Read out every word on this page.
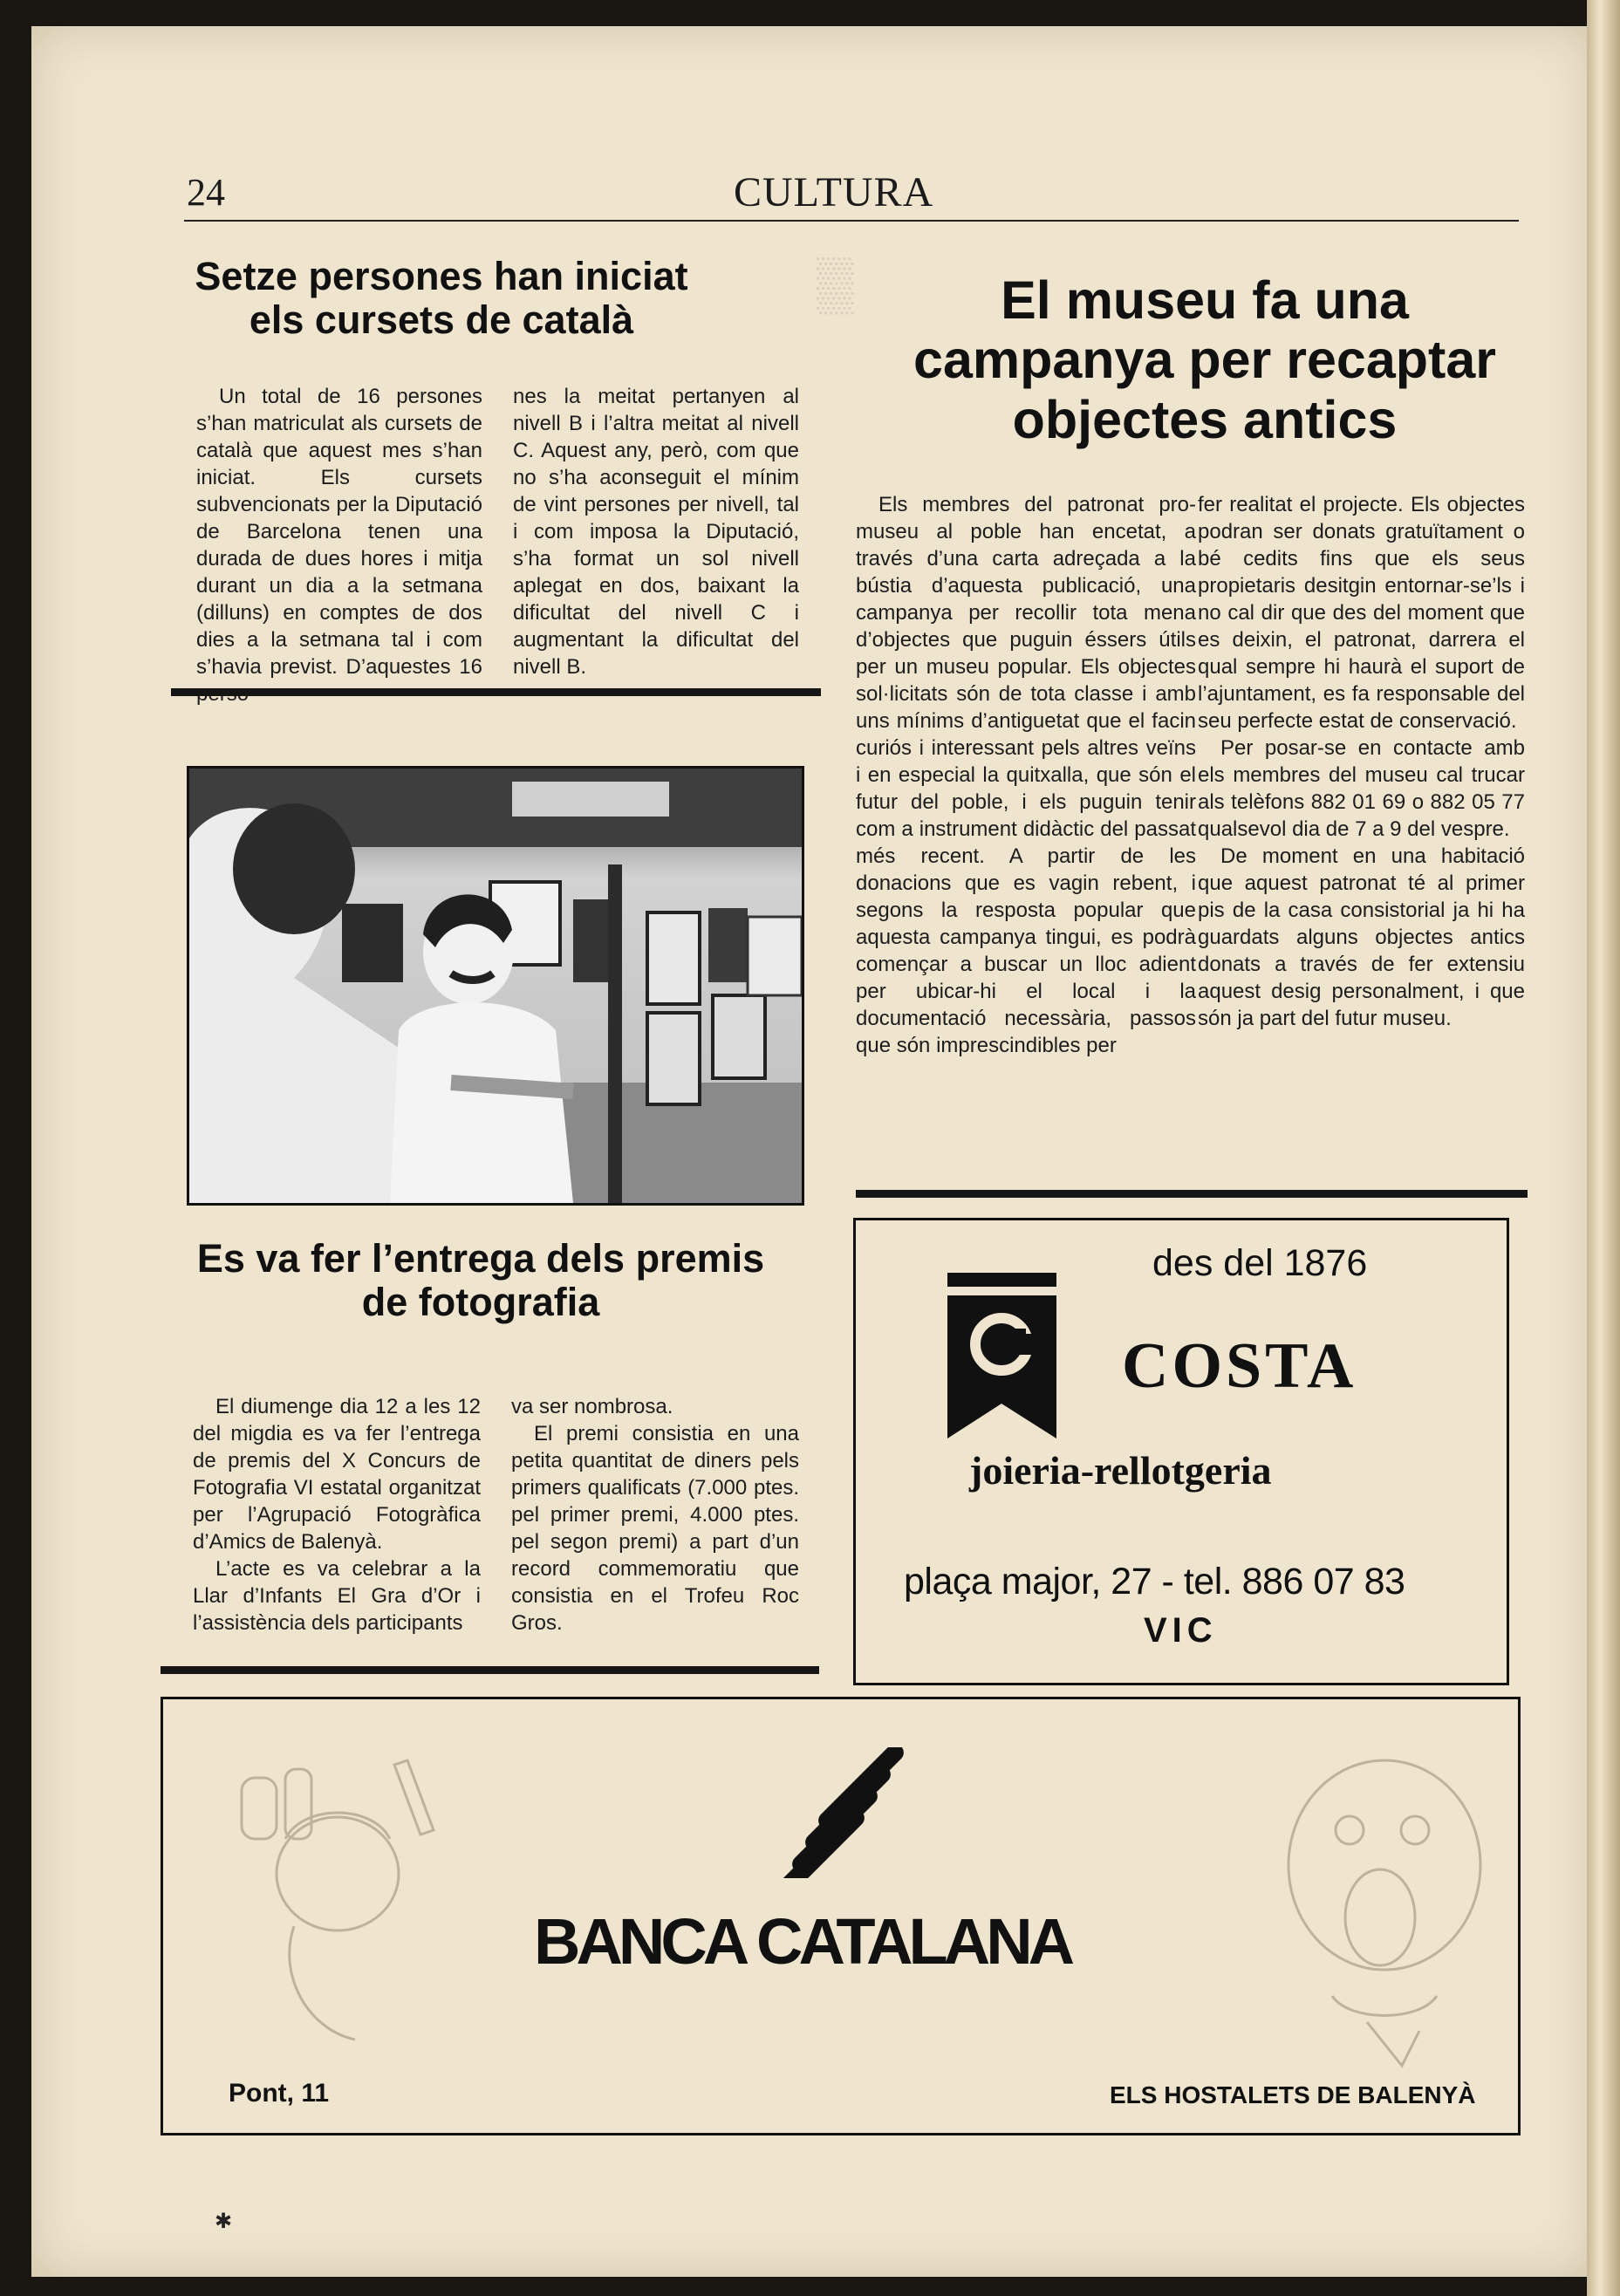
▒
24	CULTURA
Setze persones han iniciat
els cursets de català

Un total de 16 persones s’han matriculat als cursets de català que aquest mes s’han iniciat. Els cursets subvencionats per la Diputació de Barcelona tenen una durada de dues hores i mitja durant un dia a la setmana (dilluns) en comptes de dos dies a la setmana tal i com s’havia previst. D’aquestes 16

nes la meitat pertanyen al nivell B i l’altra meitat al nivell C. Aquest any, però, com que no s’ha aconseguit el mínim de vint persones per nivell, tal i com imposa la Diputació, s’ha format un sol nivell aplegat en dos, baixant la dificultat del nivell C i augmentant la dificultat del nivell B.

El museu fa una
campanya per recaptar
objectes antics

Els membres del patronat pro-museu al poble han encetat, a través d’una carta adreçada a la bústia d’aquesta publicació, una campanya per recollir tota mena d’objectes que puguin éssers útils per un museu popular. Els objectes sol·licitats són de tota classe i amb uns mínims d’antiguetat que el facin curiós i interessant pels altres veïns i en especial la quitxalla, que són el futur del poble, i els puguin tenir com a instrument didàctic del passat més recent. A partir de les donacions que es vagin rebent, i segons la resposta popular que aquesta campanya tingui, es podrà començar a buscar un lloc adient per ubicar-hi el local i la documentació necessària, passos que són imprescindibles per

fer realitat el projecte. Els objectes podran ser donats gratuïtament o bé cedits fins que els seus propietaris desitgin entornar-se’ls i no cal dir que des del moment que es deixin, el patronat, darrera el qual sempre hi haurà el suport de l’ajuntament, es fa responsable del seu perfecte estat de conservació.

Per posar-se en contacte amb els membres del museu cal trucar als telèfons 882 01 69 o 882 05 77 qualsevol dia de 7 a 9 del vespre.

De moment en una habitació que aquest patronat té al primer pis de la casa consistorial ja hi ha guardats alguns objectes antics donats a través de fer extensiu aquest desig personalment, i que són ja part del futur museu.

Es va fer l’entrega dels premis
de fotografia

El diumenge dia 12 a les 12 del migdia es va fer l’entrega de premis del X Concurs de Fotografia VI estatal organitzat per l’Agrupació Fotogràfica d’Amics de Balenyà.

L’acte es va celebrar a la Llar d’Infants El Gra d’Or i l’assistència dels participants

va ser nombrosa.

El premi consistia en una petita quantitat de diners pels primers qualificats (7.000 ptes. pel primer premi, 4.000 ptes. pel segon premi) a part d’un record commemoratiu que consistia en el Trofeu Roc Gros.

des del 1876
COSTA
joieria-rellotgeria
plaça major, 27 - tel. 886 07 83
VIC
BANCA CATALANA
Pont, 11	ELS HOSTALETS DE BALENYÀ
✱
